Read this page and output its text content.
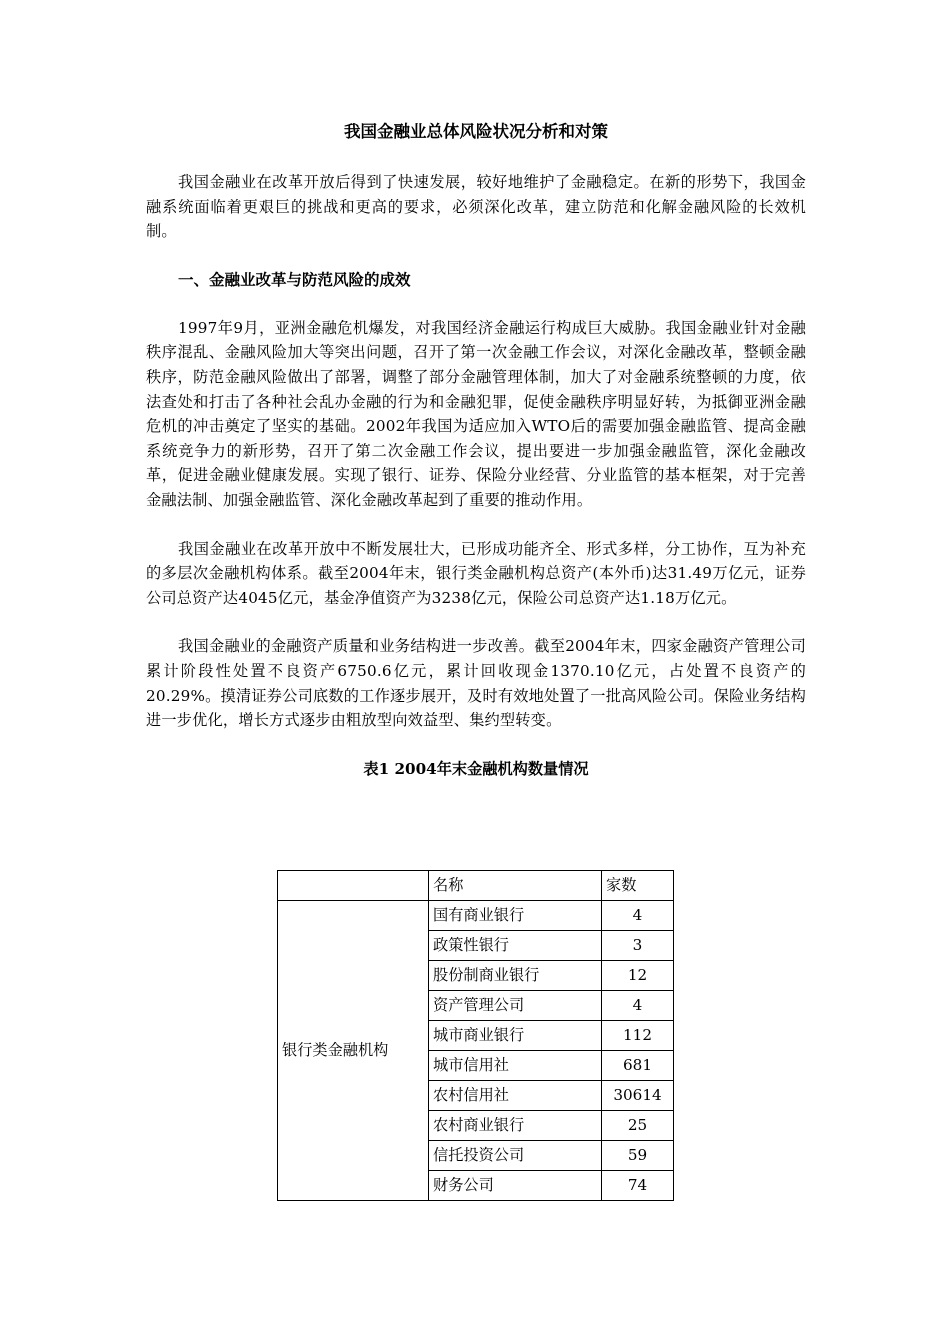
我国金融业总体风险状况分析和对策

我国金融业在改革开放后得到了快速发展，较好地维护了金融稳定。在新的形势下，我国金融系统面临着更艰巨的挑战和更高的要求，必须深化改革，建立防范和化解金融风险的长效机制。

一、金融业改革与防范风险的成效

1997年9月，亚洲金融危机爆发，对我国经济金融运行构成巨大威胁。我国金融业针对金融秩序混乱、金融风险加大等突出问题，召开了第一次金融工作会议，对深化金融改革，整顿金融秩序，防范金融风险做出了部署，调整了部分金融管理体制，加大了对金融系统整顿的力度，依法查处和打击了各种社会乱办金融的行为和金融犯罪，促使金融秩序明显好转，为抵御亚洲金融危机的冲击奠定了坚实的基础。2002年我国为适应加入WTO后的需要加强金融监管、提高金融系统竞争力的新形势，召开了第二次金融工作会议，提出要进一步加强金融监管，深化金融改革，促进金融业健康发展。实现了银行、证券、保险分业经营、分业监管的基本框架，对于完善金融法制、加强金融监管、深化金融改革起到了重要的推动作用。

我国金融业在改革开放中不断发展壮大，已形成功能齐全、形式多样，分工协作，互为补充的多层次金融机构体系。截至2004年末，银行类金融机构总资产(本外币)达31.49万亿元，证券公司总资产达4045亿元，基金净值资产为3238亿元，保险公司总资产达1.18万亿元。

我国金融业的金融资产质量和业务结构进一步改善。截至2004年末，四家金融资产管理公司累计阶段性处置不良资产6750.6亿元，累计回收现金1370.10亿元，占处置不良资产的20.29%。摸清证券公司底数的工作逐步展开，及时有效地处置了一批高风险公司。保险业务结构进一步优化，增长方式逐步由粗放型向效益型、集约型转变。

表1 2004年末金融机构数量情况
	名称	家数
银行类金融机构	国有商业银行	4
	政策性银行	3
	股份制商业银行	12
	资产管理公司	4
	城市商业银行	112
	城市信用社	681
	农村信用社	30614
	农村商业银行	25
	信托投资公司	59
	财务公司	74
